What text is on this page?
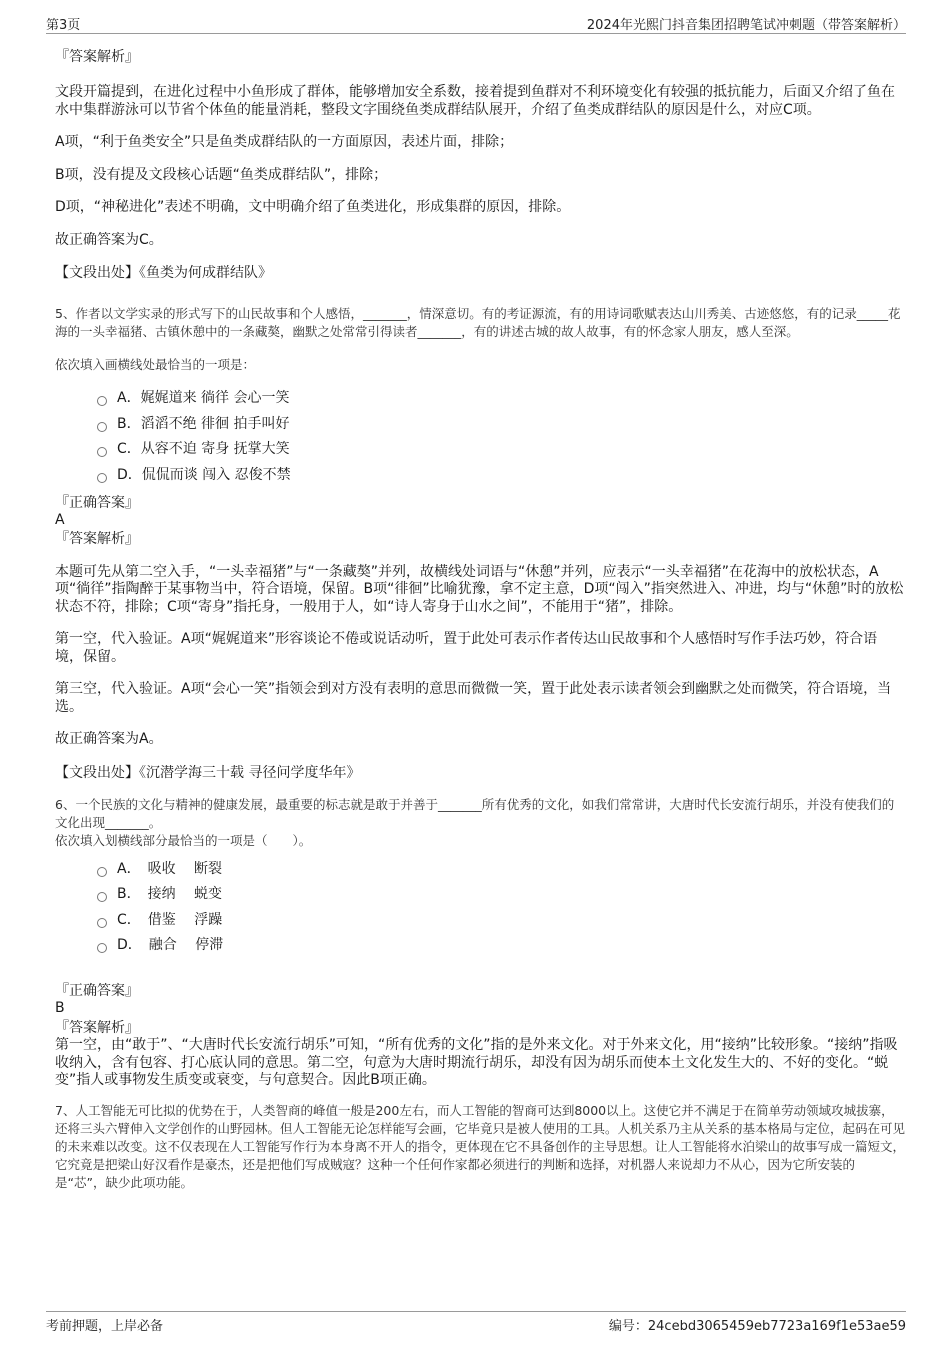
第3页	2024年光熙门抖音集团招聘笔试冲刺题（带答案解析）
『答案解析』
文段开篇提到，在进化过程中小鱼形成了群体，能够增加安全系数，接着提到鱼群对不利环境变化有较强的抵抗能力，后面又介绍了鱼在水中集群游泳可以节省个体鱼的能量消耗，整段文字围绕鱼类成群结队展开，介绍了鱼类成群结队的原因是什么，对应C项。
A项，“利于鱼类安全”只是鱼类成群结队的一方面原因，表述片面，排除；
B项，没有提及文段核心话题“鱼类成群结队”，排除；
D项，“神秘进化”表述不明确，文中明确介绍了鱼类进化，形成集群的原因，排除。
故正确答案为C。
【文段出处】《鱼类为何成群结队》
5、作者以文学实录的形式写下的山民故事和个人感悟，_______，情深意切。有的考证源流，有的用诗词歌赋表达山川秀美、古迹悠悠，有的记录_____花海的一头幸福猪、古镇休憩中的一条藏獒，幽默之处常常引得读者_______，有的讲述古城的故人故事，有的怀念家人朋友，感人至深。
依次填入画横线处最恰当的一项是：
A．娓娓道来 徜徉 会心一笑
B．滔滔不绝 徘徊 拍手叫好
C．从容不迫 寄身 抚掌大笑
D．侃侃而谈 闯入 忍俊不禁
『正确答案』
A
『答案解析』
本题可先从第二空入手，“一头幸福猪”与“一条藏獒”并列，故横线处词语与“休憩”并列，应表示“一头幸福猪”在花海中的放松状态，A项“徜徉”指陶醉于某事物当中，符合语境，保留。B项“徘徊”比喻犹豫，拿不定主意，D项“闯入”指突然进入、冲进，均与“休憩”时的放松状态不符，排除；C项“寄身”指托身，一般用于人，如“诗人寄身于山水之间”，不能用于“猪”，排除。
第一空，代入验证。A项“娓娓道来”形容谈论不倦或说话动听，置于此处可表示作者传达山民故事和个人感悟时写作手法巧妙，符合语境，保留。
第三空，代入验证。A项“会心一笑”指领会到对方没有表明的意思而微微一笑，置于此处表示读者领会到幽默之处而微笑，符合语境，当选。
故正确答案为A。
【文段出处】《沉潜学海三十载 寻径问学度华年》
6、一个民族的文化与精神的健康发展，最重要的标志就是敢于并善于_______所有优秀的文化，如我们常常讲，大唐时代长安流行胡乐，并没有使我们的文化出现_______。
依次填入划横线部分最恰当的一项是（　　）。
A．　吸收　 断裂
B．　接纳　 蜕变
C．　借鉴　 浮躁
D．　融合　 停滞
『正确答案』
B
『答案解析』
第一空，由“敢于”、“大唐时代长安流行胡乐”可知，“所有优秀的文化”指的是外来文化。对于外来文化，用“接纳”比较形象。“接纳”指吸收纳入，含有包容、打心底认同的意思。第二空，句意为大唐时期流行胡乐，却没有因为胡乐而使本土文化发生大的、不好的变化。“蜕变”指人或事物发生质变或衰变，与句意契合。因此B项正确。
7、人工智能无可比拟的优势在于，人类智商的峰值一般是200左右，而人工智能的智商可达到8000以上。这使它并不满足于在简单劳动领域攻城拔寨，还将三头六臂伸入文学创作的山野园林。但人工智能无论怎样能写会画，它毕竟只是被人使用的工具。人机关系乃主从关系的基本格局与定位，起码在可见的未来难以改变。这不仅表现在人工智能写作行为本身离不开人的指令，更体现在它不具备创作的主导思想。让人工智能将水泊梁山的故事写成一篇短文，它究竟是把梁山好汉看作是豪杰，还是把他们写成贼寇？这种一个任何作家都必须进行的判断和选择，对机器人来说却力不从心，因为它所安装的是“芯”，缺少此项功能。
考前押题，上岸必备	编号：24cebd3065459eb7723a169f1e53ae59
